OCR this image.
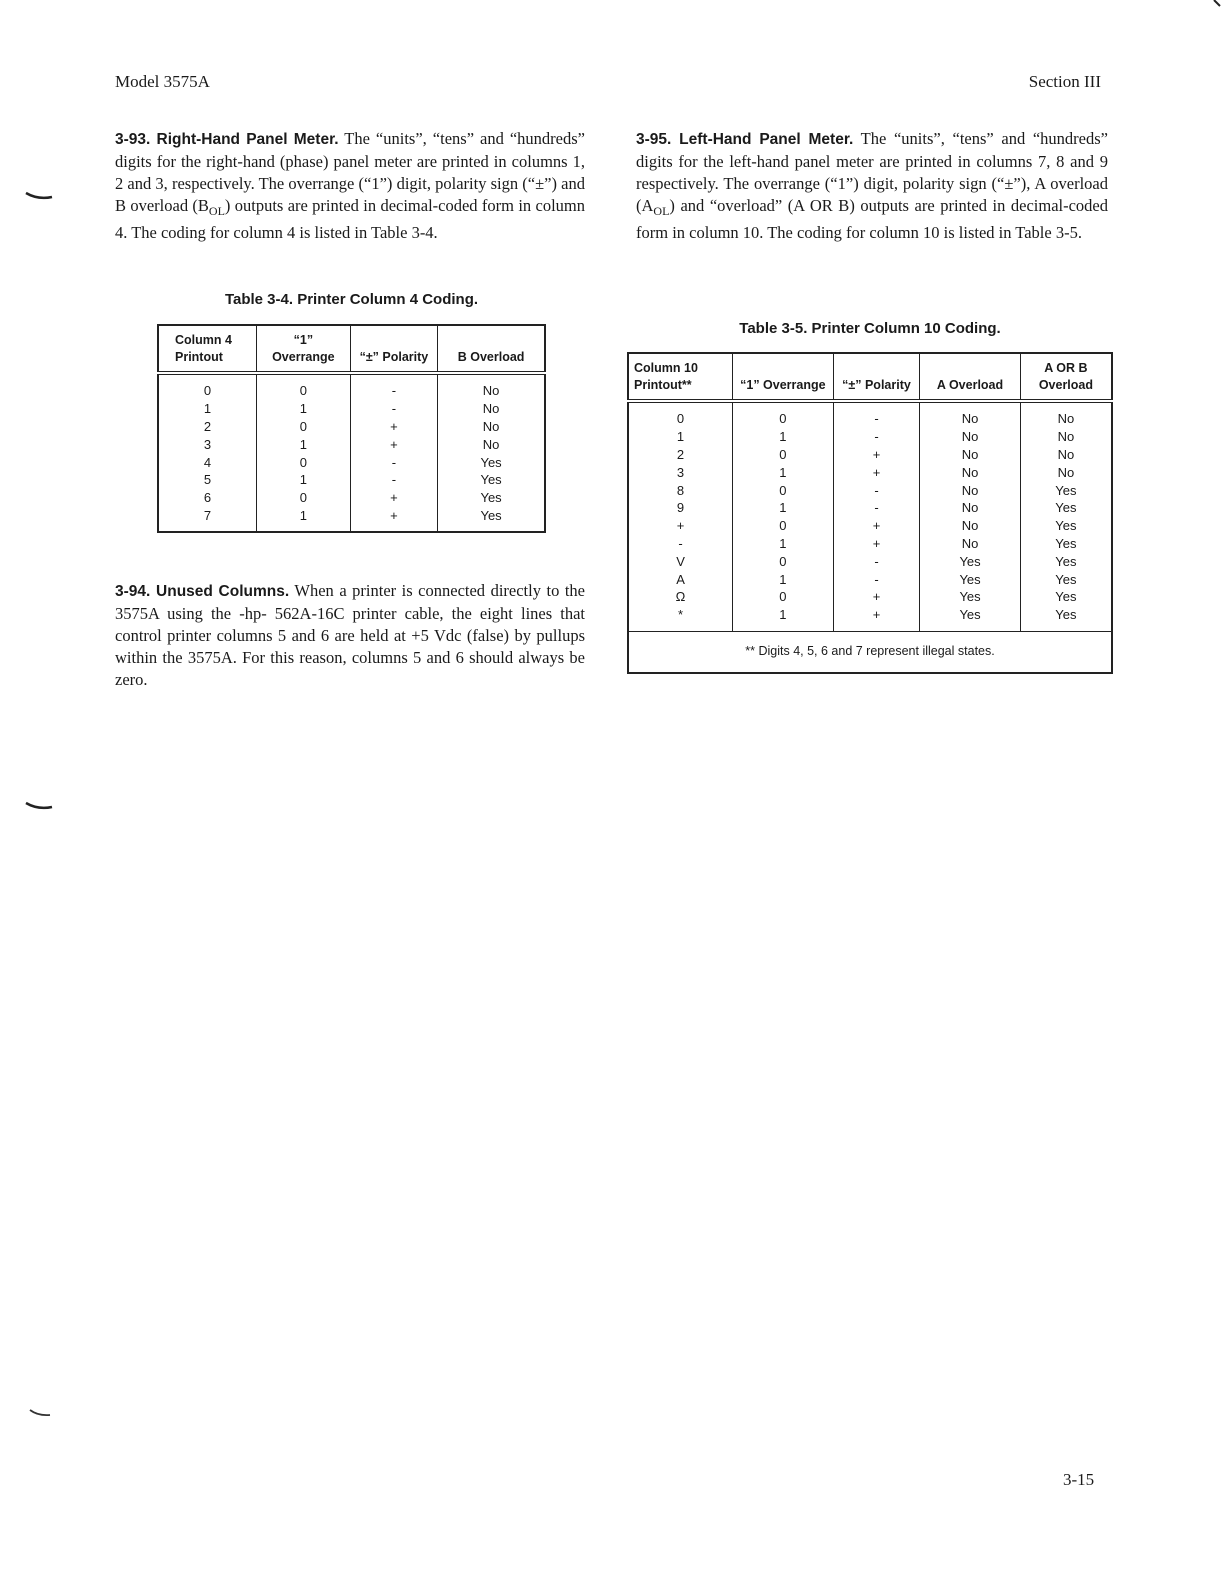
Model 3575A	Section III

3-93. Right-Hand Panel Meter. The “units”, “tens” and “hundreds” digits for the right-hand (phase) panel meter are printed in columns 1, 2 and 3, respectively. The overrange (“1”) digit, polarity sign (“±”) and B overload $(B_{OL})$ outputs are printed in decimal-coded form in column 4. The coding for column 4 is listed in Table 3-4.

Table 3-4. Printer Column 4 Coding.
Column 4 Printout	“1” Overrange	“±” Polarity	B Overload
0	0	-	No
1	1	-	No
2	0	+	No
3	1	+	No
4	0	-	Yes
5	1	-	Yes
6	0	+	Yes
7	1	+	Yes

3-94. Unused Columns. When a printer is connected directly to the 3575A using the -hp- 562A-16C printer cable, the eight lines that control printer columns 5 and 6 are held at +5 Vdc (false) by pullups within the 3575A. For this reason, columns 5 and 6 should always be zero.

3-95. Left-Hand Panel Meter. The “units”, “tens” and “hundreds” digits for the left-hand panel meter are printed in columns 7, 8 and 9 respectively. The overrange (“1”) digit, polarity sign (“±”), A overload $(A_{OL})$ and “overload” (A OR B) outputs are printed in decimal-coded form in column 10. The coding for column 10 is listed in Table 3-5.

Table 3-5. Printer Column 10 Coding.
Column 10 Printout**	“1” Overrange	“±” Polarity	A Overload	A OR B Overload
0	0	-	No	No
1	1	-	No	No
2	0	+	No	No
3	1	+	No	No
8	0	-	No	Yes
9	1	-	No	Yes
+	0	+	No	Yes
-	1	+	No	Yes
V	0	-	Yes	Yes
A	1	-	Yes	Yes
Ω	0	+	Yes	Yes
*	1	+	Yes	Yes
** Digits 4, 5, 6 and 7 represent illegal states.				
3-15
